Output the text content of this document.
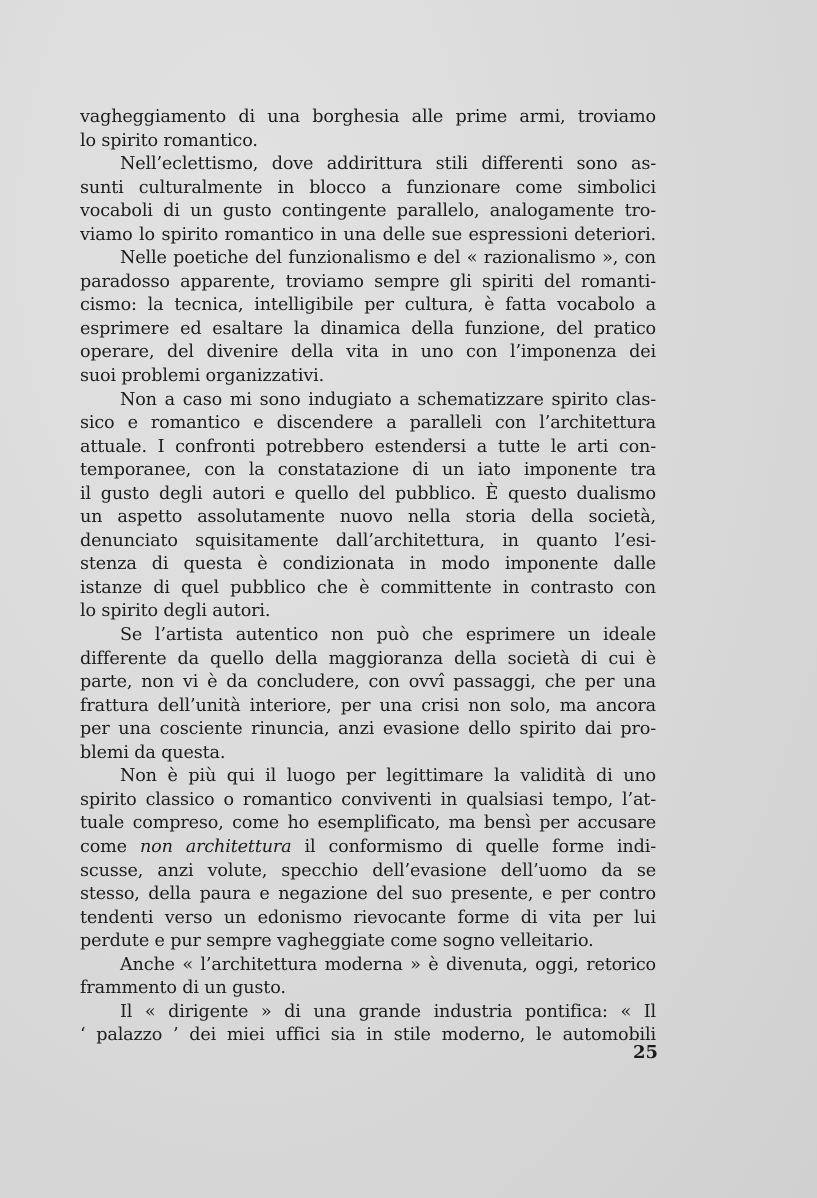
vagheggiamento di una borghesia alle prime armi, troviamo
lo spirito romantico.
Nell’eclettismo, dove addirittura stili differenti sono as-
sunti culturalmente in blocco a funzionare come simbolici
vocaboli di un gusto contingente parallelo, analogamente tro-
viamo lo spirito romantico in una delle sue espressioni deteriori.
Nelle poetiche del funzionalismo e del « razionalismo », con
paradosso apparente, troviamo sempre gli spiriti del romanti-
cismo: la tecnica, intelligibile per cultura, è fatta vocabolo a
esprimere ed esaltare la dinamica della funzione, del pratico
operare, del divenire della vita in uno con l’imponenza dei
suoi problemi organizzativi.
Non a caso mi sono indugiato a schematizzare spirito clas-
sico e romantico e discendere a paralleli con l’architettura
attuale. I confronti potrebbero estendersi a tutte le arti con-
temporanee, con la constatazione di un iato imponente tra
il gusto degli autori e quello del pubblico. È questo dualismo
un aspetto assolutamente nuovo nella storia della società,
denunciato squisitamente dall’architettura, in quanto l’esi-
stenza di questa è condizionata in modo imponente dalle
istanze di quel pubblico che è committente in contrasto con
lo spirito degli autori.
Se l’artista autentico non può che esprimere un ideale
differente da quello della maggioranza della società di cui è
parte, non vi è da concludere, con ovvî passaggi, che per una
frattura dell’unità interiore, per una crisi non solo, ma ancora
per una cosciente rinuncia, anzi evasione dello spirito dai pro-
blemi da questa.
Non è più qui il luogo per legittimare la validità di uno
spirito classico o romantico conviventi in qualsiasi tempo, l’at-
tuale compreso, come ho esemplificato, ma bensì per accusare
come non architettura il conformismo di quelle forme indi-
scusse, anzi volute, specchio dell’evasione dell’uomo da se
stesso, della paura e negazione del suo presente, e per contro
tendenti verso un edonismo rievocante forme di vita per lui
perdute e pur sempre vagheggiate come sogno velleitario.
Anche « l’architettura moderna » è divenuta, oggi, retorico
frammento di un gusto.
Il « dirigente » di una grande industria pontifica: « Il
‘ palazzo ’ dei miei uffici sia in stile moderno, le automobili
25
